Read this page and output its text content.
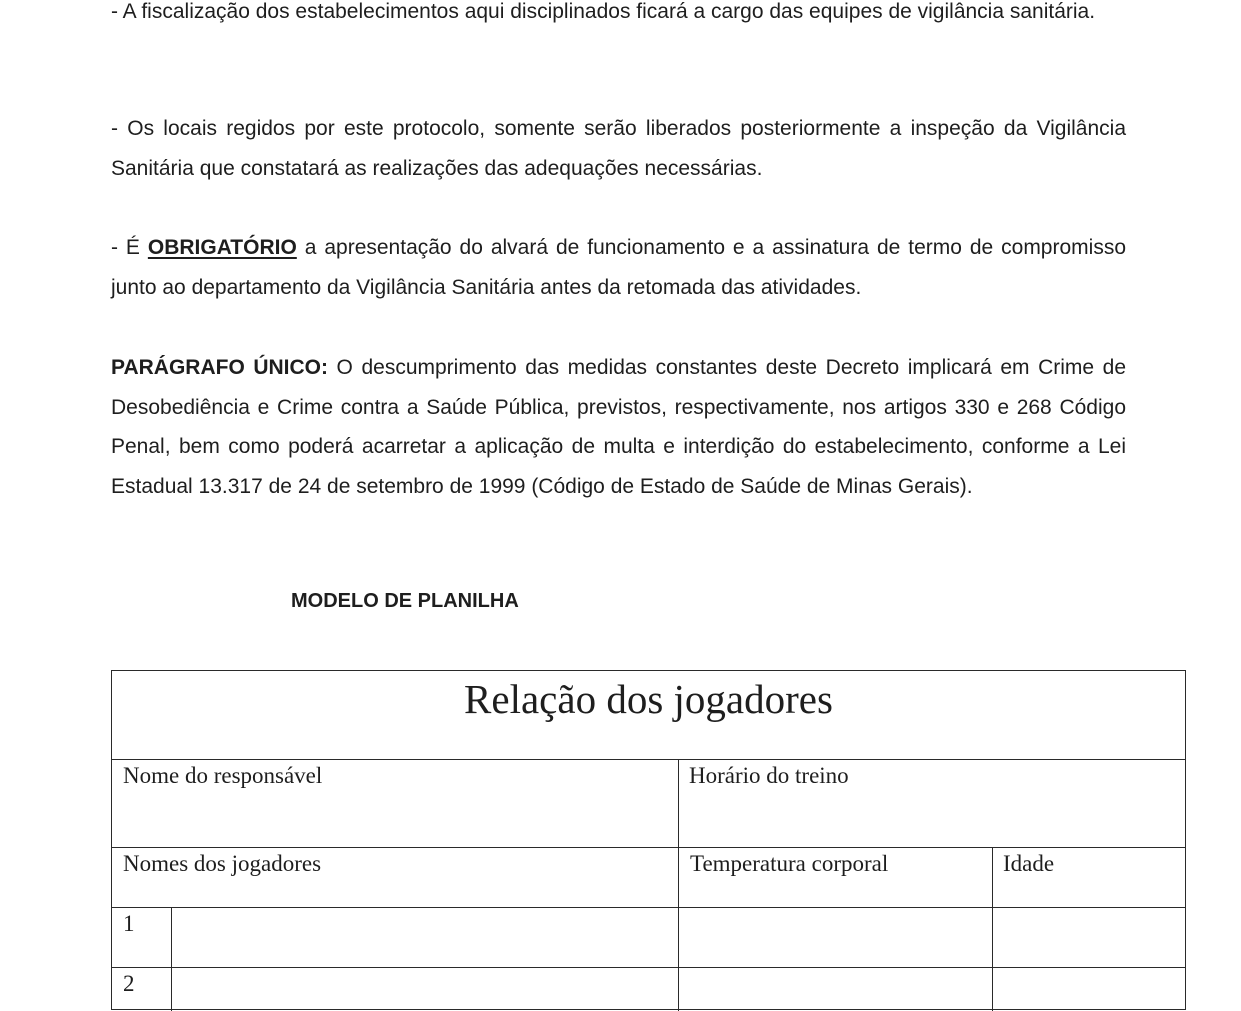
- A fiscalização dos estabelecimentos aqui disciplinados ficará a cargo das equipes de vigilância sanitária.

- Os locais regidos por este protocolo, somente serão liberados posteriormente a inspeção da Vigilância Sanitária que constatará as realizações das adequações necessárias.

- É OBRIGATÓRIO a apresentação do alvará de funcionamento e a assinatura de termo de compromisso junto ao departamento da Vigilância Sanitária antes da retomada das atividades.

PARÁGRAFO ÚNICO: O descumprimento das medidas constantes deste Decreto implicará em Crime de Desobediência e Crime contra a Saúde Pública, previstos, respectivamente, nos artigos 330 e 268 Código Penal, bem como poderá acarretar a aplicação de multa e interdição do estabelecimento, conforme a Lei Estadual 13.317 de 24 de setembro de 1999 (Código de Estado de Saúde de Minas Gerais).

MODELO DE PLANILHA

Relação dos jogadores
Nome do responsável	Horário do treino
Nomes dos jogadores	Temperatura corporal	Idade
1
2
